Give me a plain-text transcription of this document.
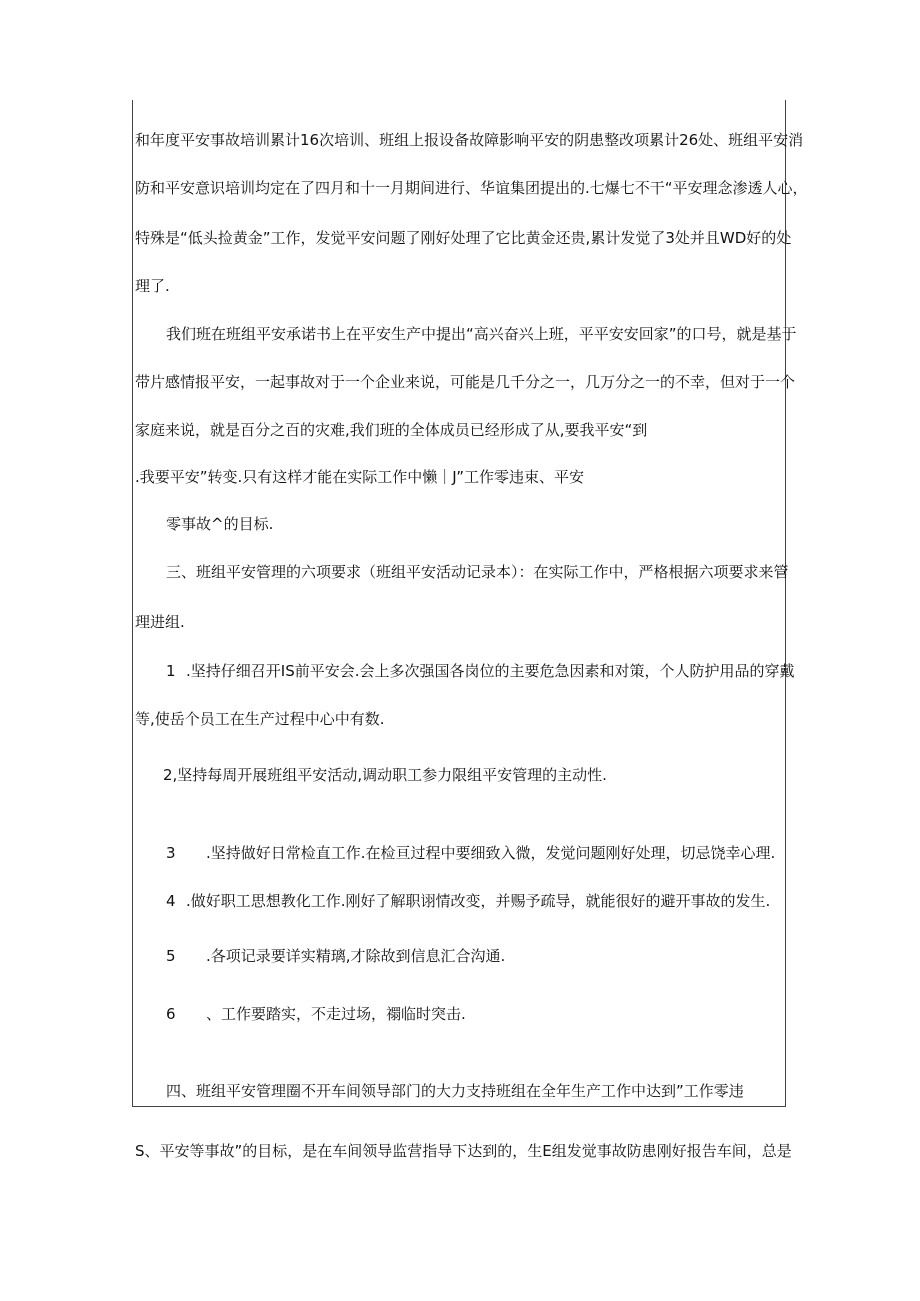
和年度平安事故培训累计16次培训、班组上报设备故障影响平安的阴患整改项累计26处、班组平安消
防和平安意识培训均定在了四月和十一月期间进行、华谊集团提出的.七爆七不干“平安理念渗透人心，
特殊是“低头捡黄金”工作，发觉平安问题了刚好处理了它比黄金还贵,累计发觉了3处并且WD好的处
理了.
我们班在班组平安承诺书上在平安生产中提出“高兴奋兴上班，平平安安回家”的口号，就是基于
带片感情报平安，一起事故对于一个企业来说，可能是几千分之一，几万分之一的不幸，但对于一个
家庭来说，就是百分之百的灾难,我们班的全体成员已经形成了从,要我平安“到
.我要平安”转变.只有这样才能在实际工作中懒｜J”工作零违束、平安
零事故^的目标.
三、班组平安管理的六项要求（班组平安活动记录本）：在实际工作中，严格根据六项要求来管
理进组.
1 .坚持仔细召开IS前平安会.会上多次强国各岗位的主要危急因素和对策，个人防护用品的穿戴
等,使岳个员工在生产过程中心中有数.
2,坚持每周开展班组平安活动,调动职工参力限组平安管理的主动性.
3 .坚持做好日常检直工作.在检亘过程中要细致入微，发觉问题刚好处理，切忌饶幸心理.
4 .做好职工思想教化工作.刚好了解职诩情改变，并赐予疏导，就能很好的避开事故的发生.
5 .各项记录要详实精璃,才除故到信息汇合沟通.
6 、工作要踏实，不走过场，禤临时突击.
四、班组平安管理圈不开车间领导部门的大力支持班组在全年生产工作中达到”工作零违
S、平安等事故”的目标，是在车间领导监营指导下达到的，生E组发觉事故防患刚好报告车间，总是
